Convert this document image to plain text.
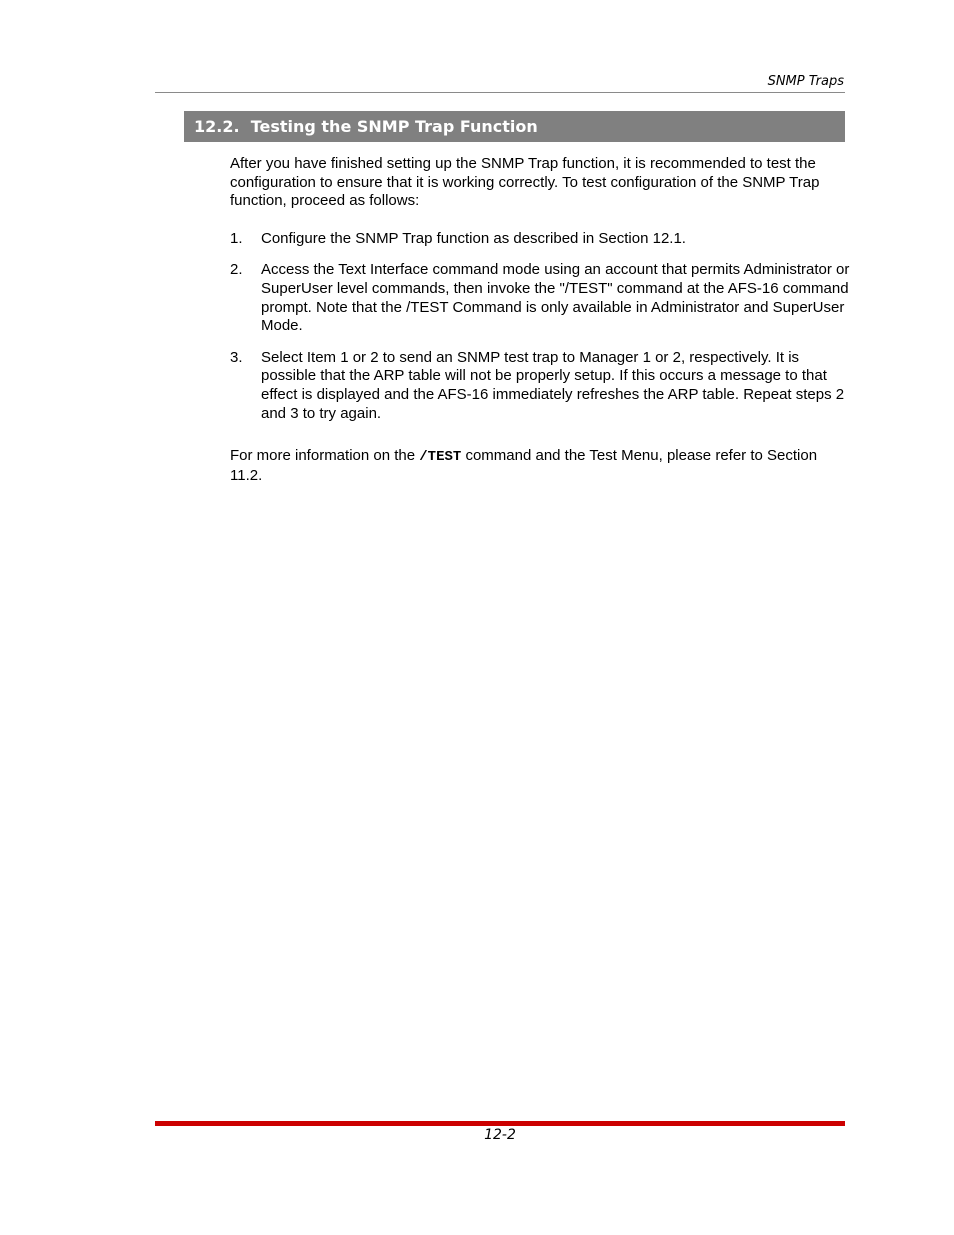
SNMP Traps
12.2.  Testing the SNMP Trap Function

After you have finished setting up the SNMP Trap function, it is recommended to test the configuration to ensure that it is working correctly. To test configuration of the SNMP Trap function, proceed as follows:

1.	Configure the SNMP Trap function as described in Section 12.1.
2.	Access the Text Interface command mode using an account that permits Administrator or SuperUser level commands, then invoke the "/TEST" command at the AFS-16 command prompt. Note that the /TEST Command is only available in Administrator and SuperUser Mode.
3.	Select Item 1 or 2 to send an SNMP test trap to Manager 1 or 2, respectively. It is possible that the ARP table will not be properly setup. If this occurs a message to that effect is displayed and the AFS-16 immediately refreshes the ARP table. Repeat steps 2 and 3 to try again.

For more information on the /TEST command and the Test Menu, please refer to Section 11.2.

12-2
